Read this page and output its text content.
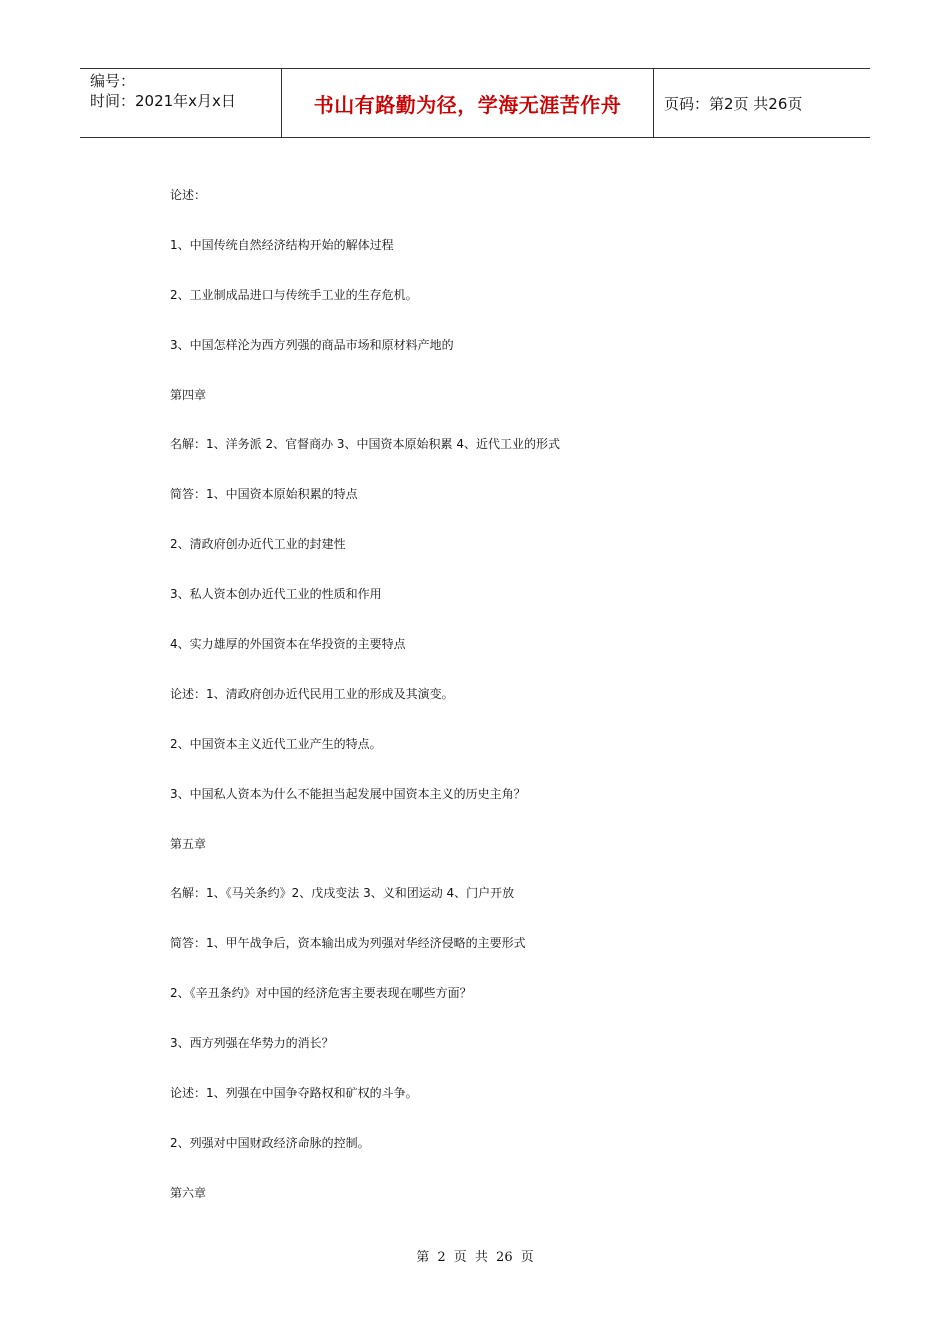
编号：
时间：2021年x月x日	书山有路勤为径，学海无涯苦作舟	页码：第2页 共26页
论述：
1、中国传统自然经济结构开始的解体过程
2、工业制成品进口与传统手工业的生存危机。
3、中国怎样沦为西方列强的商品市场和原材料产地的
第四章
名解：1、洋务派 2、官督商办 3、中国资本原始积累 4、近代工业的形式
简答：1、中国资本原始积累的特点
2、清政府创办近代工业的封建性
3、私人资本创办近代工业的性质和作用
4、实力雄厚的外国资本在华投资的主要特点
论述：1、清政府创办近代民用工业的形成及其演变。
2、中国资本主义近代工业产生的特点。
3、中国私人资本为什么不能担当起发展中国资本主义的历史主角？
第五章
名解：1、《马关条约》2、戊戌变法 3、义和团运动 4、门户开放
简答：1、甲午战争后，资本输出成为列强对华经济侵略的主要形式
2、《辛丑条约》对中国的经济危害主要表现在哪些方面？
3、西方列强在华势力的消长？
论述：1、列强在中国争夺路权和矿权的斗争。
2、列强对中国财政经济命脉的控制。
第六章
第 2 页 共 26 页
